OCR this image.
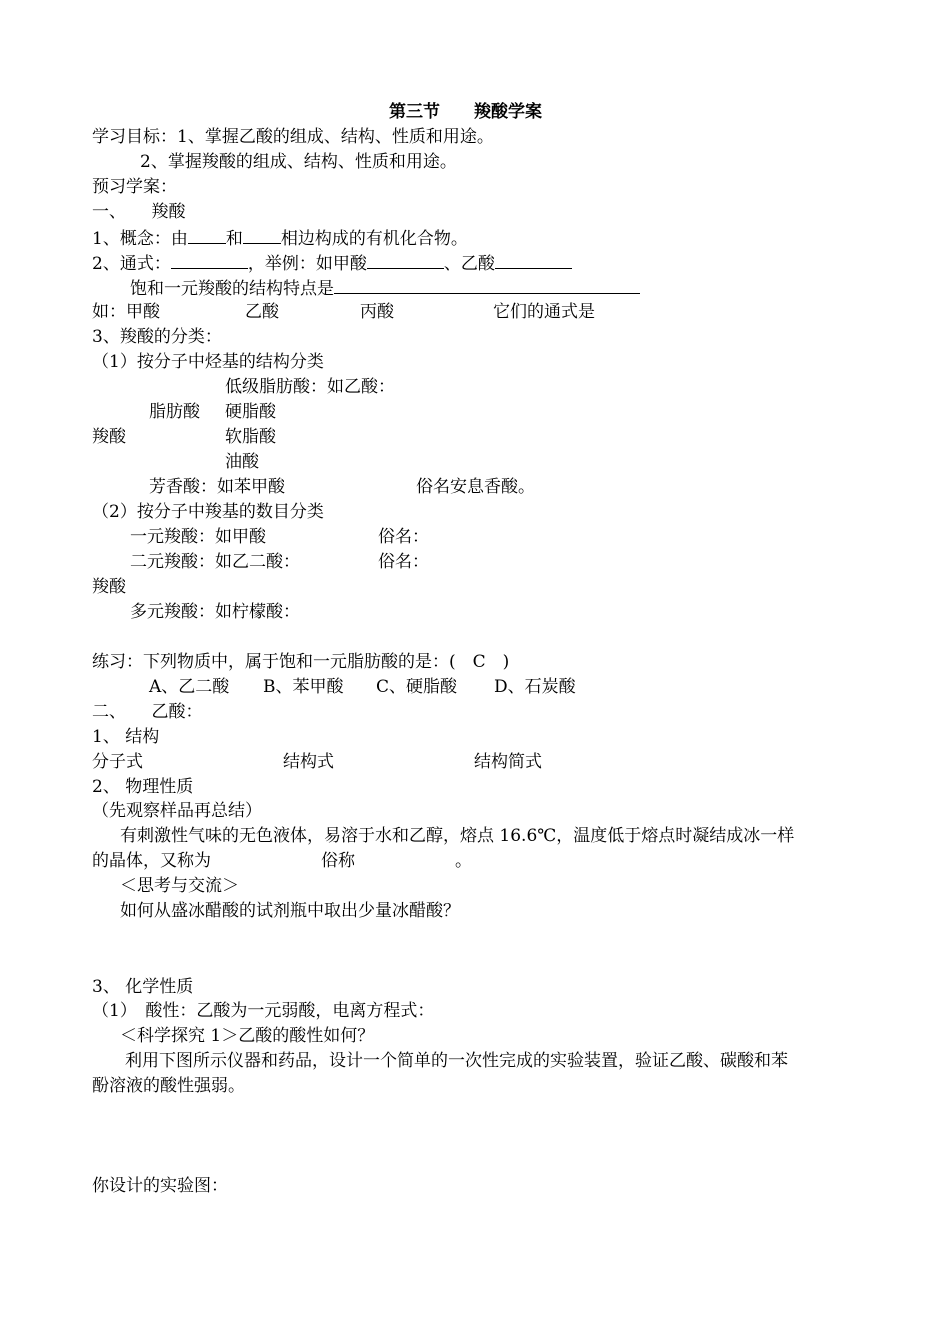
第三节　　羧酸学案
学习目标：1、掌握乙酸的组成、结构、性质和用途。
2、掌握羧酸的组成、结构、性质和用途。
预习学案：
一、　　羧酸
1、概念：由 和 相边构成的有机化合物。
2、通式：	，举例：如甲酸	、乙酸
饱和一元羧酸的结构特点是
如：甲酸	乙酸	丙酸	它们的通式是
3、羧酸的分类：
（1）按分子中烃基的结构分类
低级脂肪酸：如乙酸：
脂肪酸 硬脂酸
羧酸	软脂酸
油酸
芳香酸：如苯甲酸	俗名安息香酸。
（2）按分子中羧基的数目分类
一元羧酸：如甲酸	俗名：
二元羧酸：如乙二酸：	俗名：
羧酸
多元羧酸：如柠檬酸：
练习：下列物质中，属于饱和一元脂肪酸的是：(　C　)
A、乙二酸 B、苯甲酸 C、硬脂酸 D、石炭酸
二、　　乙酸：
1、 结构
分子式	结构式	结构简式
2、 物理性质
（先观察样品再总结）
有刺激性气味的无色液体，易溶于水和乙醇，熔点 16.6℃，温度低于熔点时凝结成冰一样
的晶体，又称为	俗称	。
＜思考与交流＞
如何从盛冰醋酸的试剂瓶中取出少量冰醋酸？
3、 化学性质
（1）　酸性：乙酸为一元弱酸，电离方程式：
＜科学探究 1＞乙酸的酸性如何？
利用下图所示仪器和药品，设计一个简单的一次性完成的实验装置，验证乙酸、碳酸和苯
酚溶液的酸性强弱。
你设计的实验图：
